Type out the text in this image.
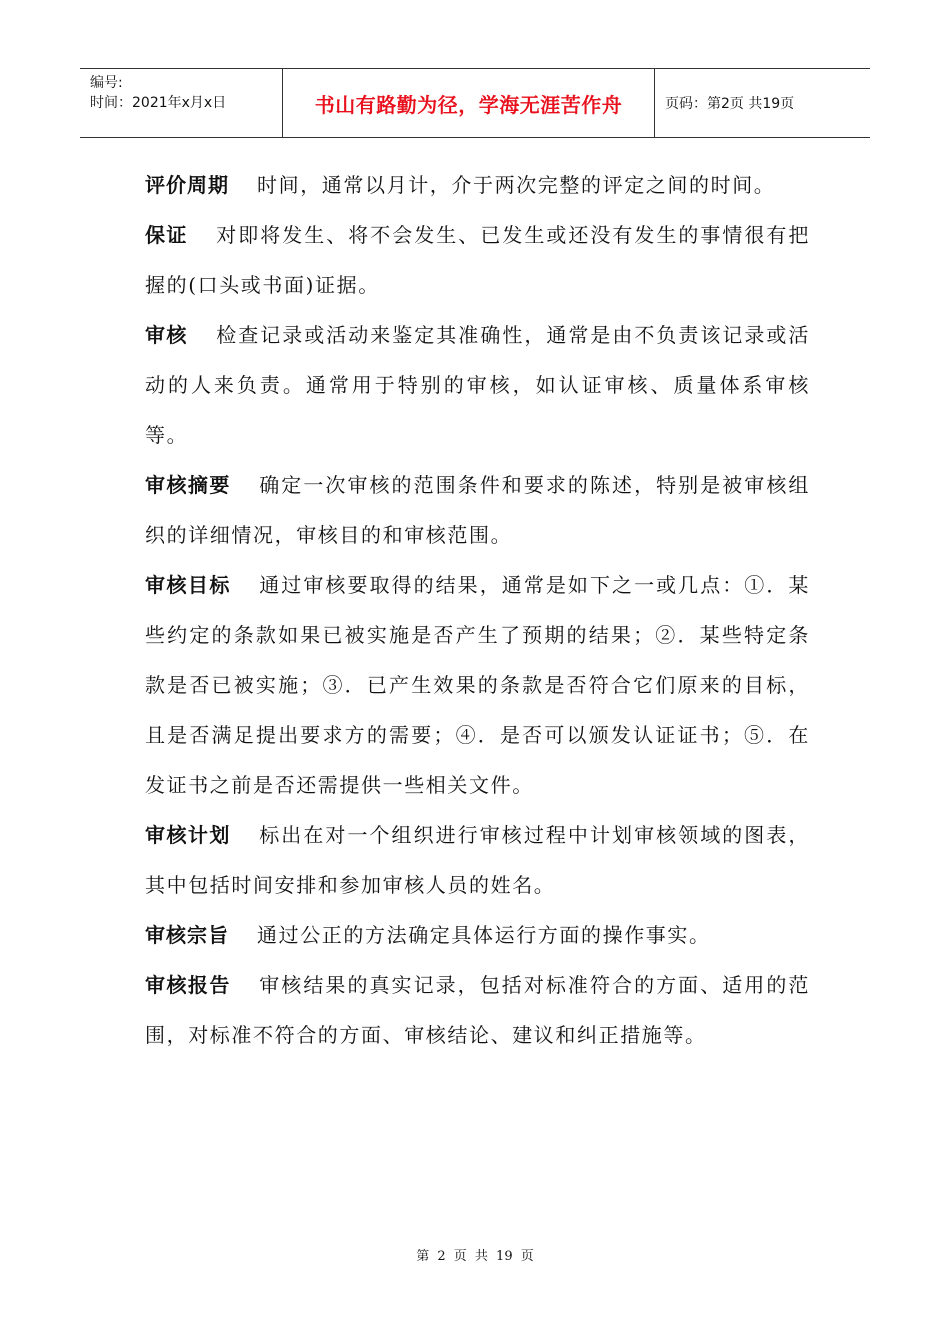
编号:
时间：2021年x月x日	书山有路勤为径，学海无涯苦作舟	页码：第2页 共19页

评价周期 时间，通常以月计，介于两次完整的评定之间的时间。

保证 对即将发生、将不会发生、已发生或还没有发生的事情很有把握的(口头或书面)证据。

审核 检查记录或活动来鉴定其准确性，通常是由不负责该记录或活动的人来负责。通常用于特别的审核，如认证审核、质量体系审核等。

审核摘要 确定一次审核的范围条件和要求的陈述，特别是被审核组织的详细情况，审核目的和审核范围。

审核目标 通过审核要取得的结果，通常是如下之一或几点：①．某些约定的条款如果已被实施是否产生了预期的结果；②．某些特定条款是否已被实施；③．已产生效果的条款是否符合它们原来的目标，且是否满足提出要求方的需要；④．是否可以颁发认证证书；⑤．在发证书之前是否还需提供一些相关文件。

审核计划 标出在对一个组织进行审核过程中计划审核领域的图表，其中包括时间安排和参加审核人员的姓名。

审核宗旨 通过公正的方法确定具体运行方面的操作事实。

审核报告 审核结果的真实记录，包括对标准符合的方面、适用的范围，对标准不符合的方面、审核结论、建议和纠正措施等。

第 2 页 共 19 页
